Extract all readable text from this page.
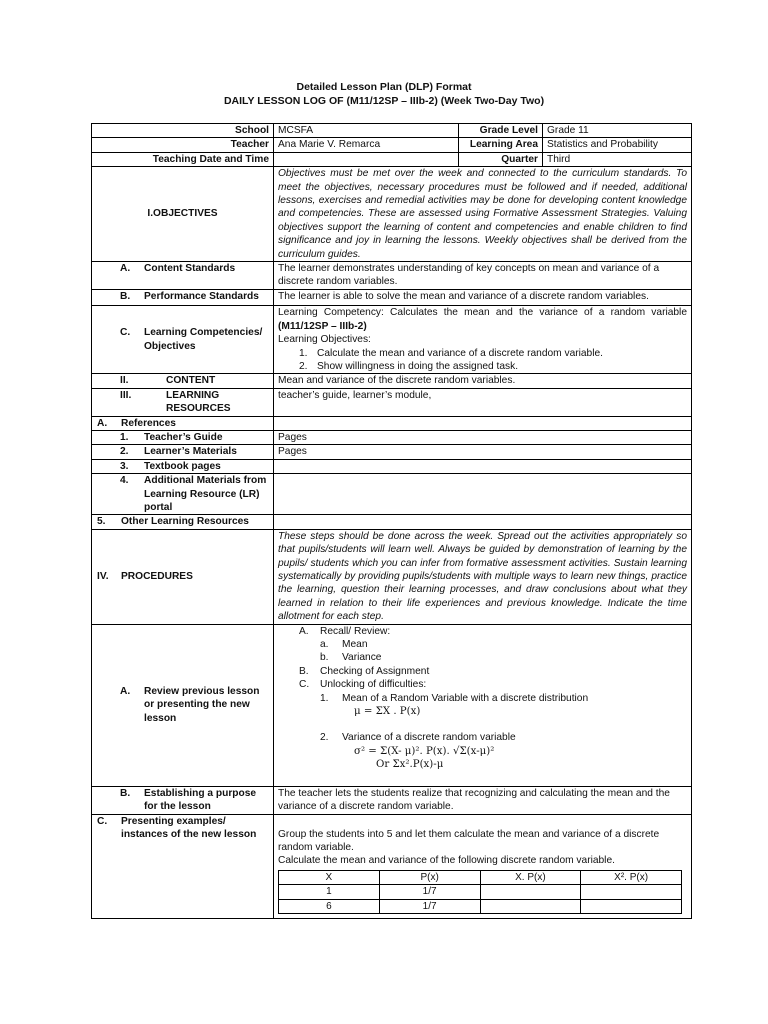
Detailed Lesson Plan (DLP) Format
DAILY LESSON LOG OF (M11/12SP – IIIb-2) (Week Two-Day Two)
School	MCSFA	Grade Level	Grade 11
Teacher	Ana Marie V. Remarca	Learning Area	Statistics and Probability
Teaching Date and Time		Quarter	Third
I.OBJECTIVES	Objectives must be met over the week and connected to the curriculum standards. To meet the objectives, necessary procedures must be followed and if needed, additional lessons, exercises and remedial activities may be done for developing content knowledge and competencies. These are assessed using Formative Assessment Strategies. Valuing objectives support the learning of content and competencies and enable children to find significance and joy in learning the lessons. Weekly objectives shall be derived from the curriculum guides.

A.	Content Standards	The learner demonstrates understanding of key concepts on mean and variance of a discrete random variables.

B.	Performance Standards	The learner is able to solve the mean and variance of a discrete random variables.

C.	Learning Competencies/ Objectives

Learning Competency: Calculates the mean and the variance of a random variable (M11/12SP – IIIb-2)
Learning Objectives:
1. Calculate the mean and variance of a discrete random variable.
2. Show willingness in doing the assigned task.

II.	CONTENT	Mean and variance of the discrete random variables.

III.	LEARNING RESOURCES
	teacher’s guide, learner’s module,

A.	References

1.	Teacher’s Guide	Pages

2.	Learner’s Materials	Pages

3.	Textbook pages

4.	Additional Materials from Learning Resource (LR) portal

5.	Other Learning Resources

IV.	PROCEDURES
	These steps should be done across the week. Spread out the activities appropriately so that pupils/students will learn well. Always be guided by demonstration of learning by the pupils/ students which you can infer from formative assessment activities. Sustain learning systematically by providing pupils/students with multiple ways to learn new things, practice the learning, question their learning processes, and draw conclusions about what they learned in relation to their life experiences and previous knowledge. Indicate the time allotment for each step.

A.	Review previous lesson or presenting the new lesson

A.	Recall/ Review:
a.	Mean
b.	Variance
B.	Checking of Assignment
C.	Unlocking of difficulties:
1.	Mean of a Random Variable with a discrete distribution
μ = ΣX . P(x)
2.	Variance of a discrete random variable
σ² = Σ(X- μ)². P(x). √Σ(x-μ)²
Or Σx².P(x)-μ

B.	Establishing a purpose for the lesson
	The teacher lets the students realize that recognizing and calculating the mean and the variance of a discrete random variable.

C.	Presenting examples/ instances of the new lesson	Group the students into 5 and let them calculate the mean and variance of a discrete random variable.
Calculate the mean and variance of the following discrete random variable.
X	P(x)	X. P(x)	X². P(x)
1	1/7		
6	1/7		
